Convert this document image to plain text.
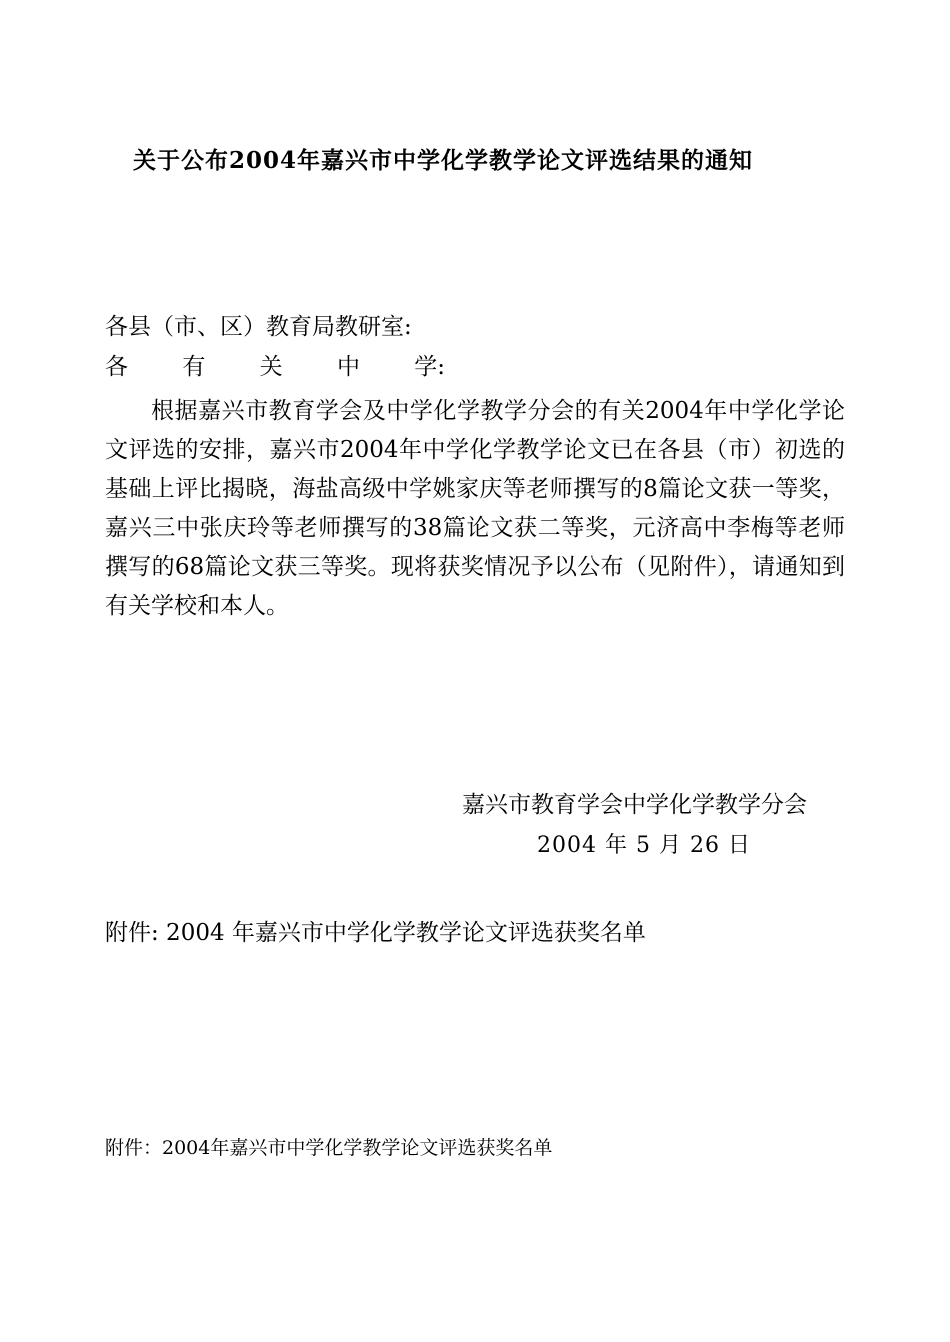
关于公布2004年嘉兴市中学化学教学论文评选结果的通知
各县（市、区）教育局教研室:
各 有 关 中 学:
根据嘉兴市教育学会及中学化学教学分会的有关2004年中学化学论文评选的安排，嘉兴市2004年中学化学教学论文已在各县（市）初选的基础上评比揭晓，海盐高级中学姚家庆等老师撰写的8篇论文获一等奖，嘉兴三中张庆玲等老师撰写的38篇论文获二等奖，元济高中李梅等老师撰写的68篇论文获三等奖。现将获奖情况予以公布（见附件），请通知到有关学校和本人。
嘉兴市教育学会中学化学教学分会
2004 年 5 月 26 日
附件: 2004 年嘉兴市中学化学教学论文评选获奖名单
附件：2004年嘉兴市中学化学教学论文评选获奖名单
